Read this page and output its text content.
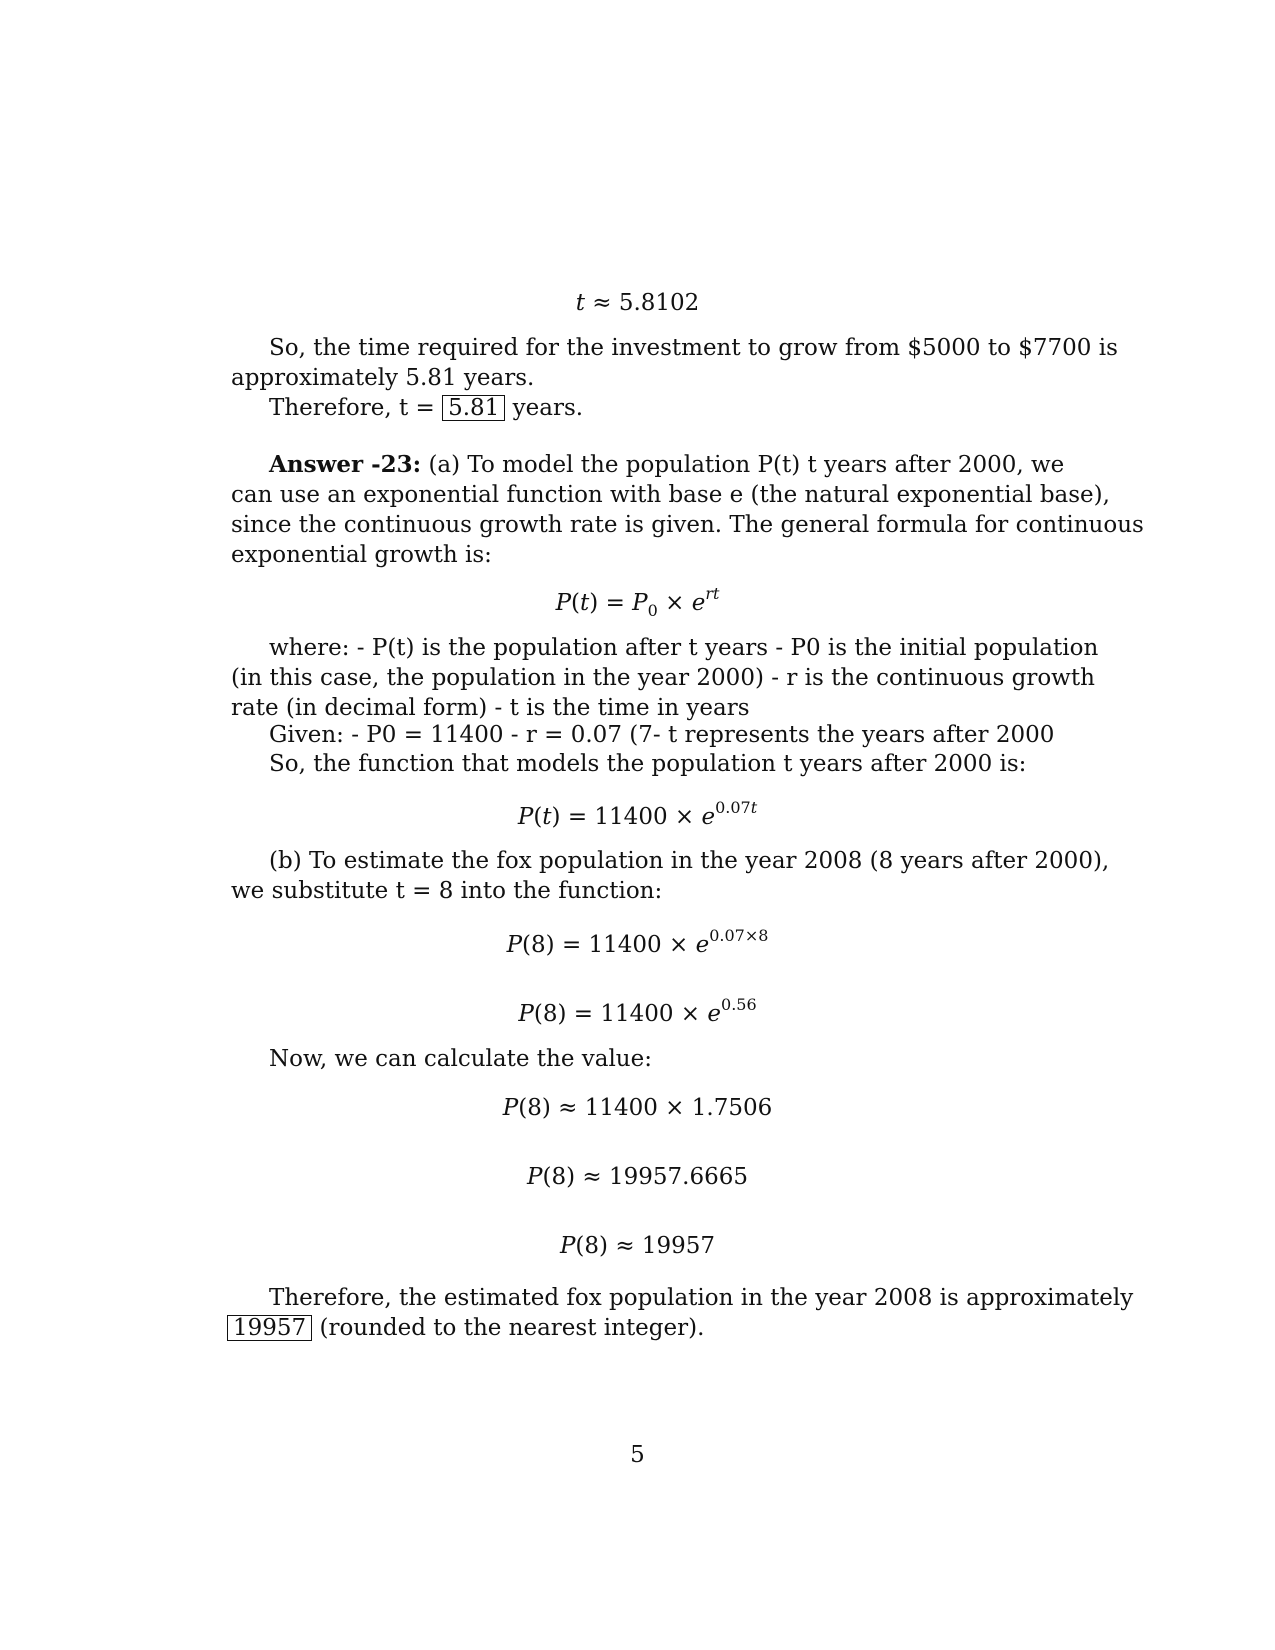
t ≈ 5.8102
So, the time required for the investment to grow from $5000 to $7700 is
approximately 5.81 years.
Therefore, t = 5.81 years.
Answer -23: (a) To model the population P(t) t years after 2000, we
can use an exponential function with base e (the natural exponential base),
since the continuous growth rate is given. The general formula for continuous
exponential growth is:
$P(t) = P_0 \times e^{rt}$
where: - P(t) is the population after t years - P0 is the initial population
(in this case, the population in the year 2000) - r is the continuous growth
rate (in decimal form) - t is the time in years
Given: - P0 = 11400 - r = 0.07 (7- t represents the years after 2000
So, the function that models the population t years after 2000 is:
$P(t) = 11400 \times e^{0.07t}$
(b) To estimate the fox population in the year 2008 (8 years after 2000),
we substitute t = 8 into the function:
$P(8) = 11400 \times e^{0.07\times 8}$
$P(8) = 11400 \times e^{0.56}$
Now, we can calculate the value:
P(8) ≈ 11400 × 1.7506
P(8) ≈ 19957.6665
P(8) ≈ 19957
Therefore, the estimated fox population in the year 2008 is approximately
19957 (rounded to the nearest integer).
5
